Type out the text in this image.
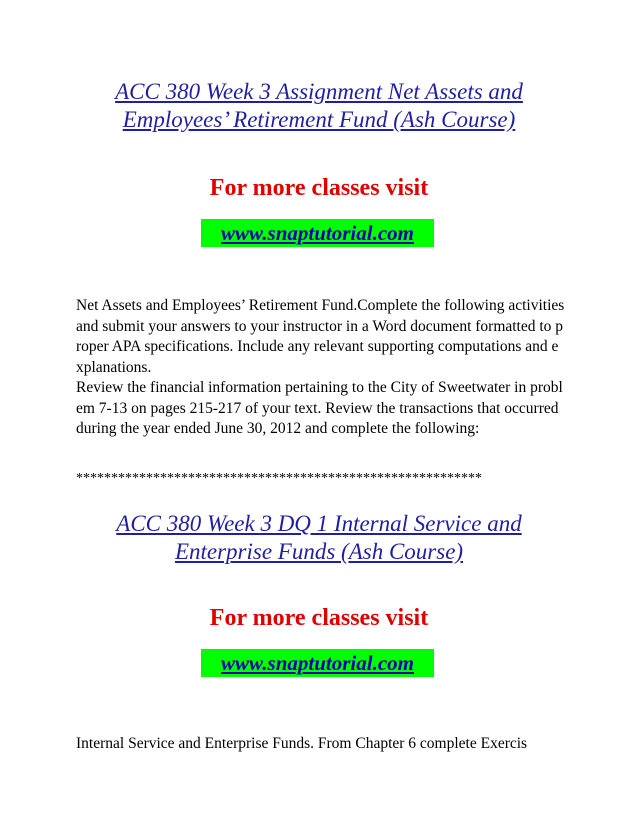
ACC 380 Week 3 Assignment Net Assets and
Employees’ Retirement Fund (Ash Course)
For more classes visit
www.snaptutorial.com
Net Assets and Employees’ Retirement Fund.Complete the following activities and submit your answers to your instructor in a Word document formatted to proper APA specifications. Include any relevant supporting computations and explanations.
Review the financial information pertaining to the City of Sweetwater in problem 7-13 on pages 215-217 of your text. Review the transactions that occurred during the year ended June 30, 2012 and complete the following:
**********************************************************
ACC 380 Week 3 DQ 1 Internal Service and
Enterprise Funds (Ash Course)
For more classes visit
www.snaptutorial.com
Internal Service and Enterprise Funds. From Chapter 6 complete Exercis
